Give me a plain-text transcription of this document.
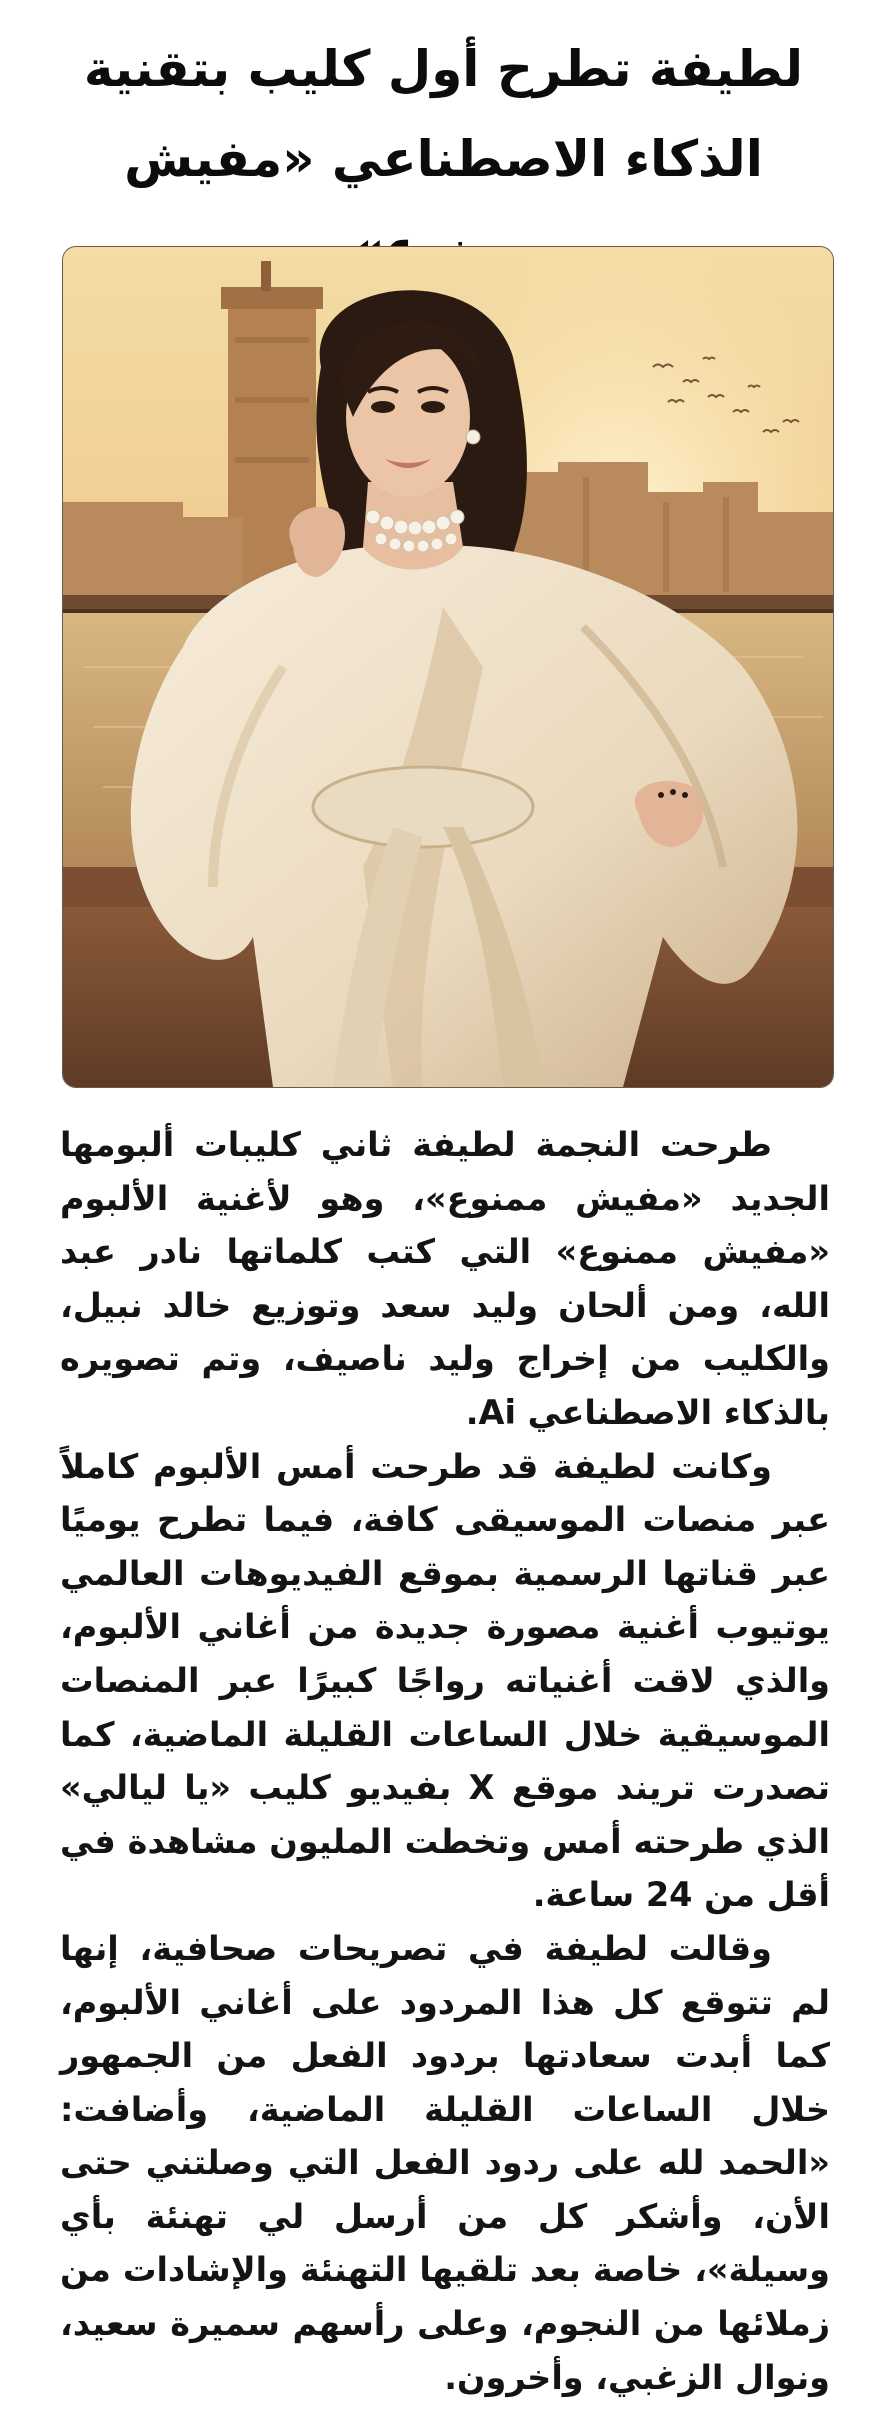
لطيفة تطرح أول كليب بتقنية
الذكاء الاصطناعي «مفيش

طرحت النجمة لطيفة ثاني كليبات ألبومها الجديد «مفيش ممنوع»، وهو لأغنية الألبوم «مفيش ممنوع» التي كتب كلماتها نادر عبد الله، ومن ألحان وليد سعد وتوزيع خالد نبيل، والكليب من إخراج وليد ناصيف، وتم تصويره بالذكاء الاصطناعي Ai.

وكانت لطيفة قد طرحت أمس الألبوم كاملاً عبر منصات الموسيقى كافة، فيما تطرح يوميًا عبر قناتها الرسمية بموقع الفيديوهات العالمي يوتيوب أغنية مصورة جديدة من أغاني الألبوم، والذي لاقت أغنياته رواجًا كبيرًا عبر المنصات الموسيقية خلال الساعات القليلة الماضية، كما تصدرت تريند موقع X بفيديو كليب «يا ليالي» الذي طرحته أمس وتخطت المليون مشاهدة في أقل من 24 ساعة.

وقالت لطيفة في تصريحات صحافية، إنها لم تتوقع كل هذا المردود على أغاني الألبوم، كما أبدت سعادتها بردود الفعل من الجمهور خلال الساعات القليلة الماضية، وأضافت: «الحمد لله على ردود الفعل التي وصلتني حتى الأن، وأشكر كل من أرسل لي تهنئة بأي وسيلة»، خاصة بعد تلقيها التهنئة والإشادات من زملائها من النجوم، وعلى رأسهم سميرة سعيد، ونوال الزغبي، وأخرون.
